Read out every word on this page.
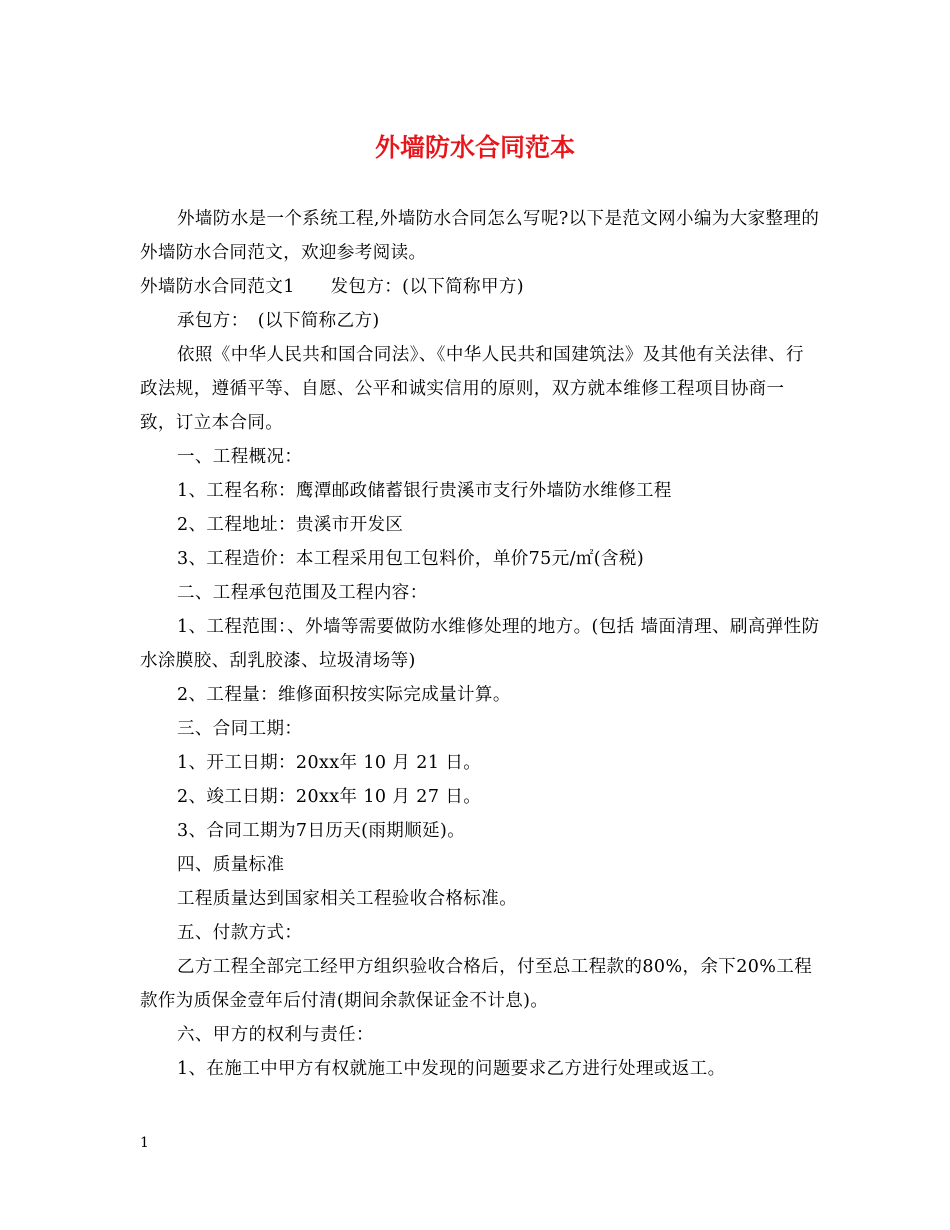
外墙防水合同范本

外墙防水是一个系统工程,外墙防水合同怎么写呢?以下是范文网小编为大家整理的外墙防水合同范文，欢迎参考阅读。

外墙防水合同范文1　　发包方：(以下简称甲方)

承包方：　(以下简称乙方)

依照《中华人民共和国合同法》、《中华人民共和国建筑法》及其他有关法律、行政法规，遵循平等、自愿、公平和诚实信用的原则，双方就本维修工程项目协商一致，订立本合同。

一、工程概况：

1、工程名称：鹰潭邮政储蓄银行贵溪市支行外墙防水维修工程

2、工程地址：贵溪市开发区

3、工程造价：本工程采用包工包料价，单价75元/㎡(含税)

二、工程承包范围及工程内容：

1、工程范围：、外墙等需要做防水维修处理的地方。(包括 墙面清理、刷高弹性防水涂膜胶、刮乳胶漆、垃圾清场等)

2、工程量：维修面积按实际完成量计算。

三、合同工期：

1、开工日期：20xx年 10 月 21 日。

2、竣工日期：20xx年 10 月 27 日。

3、合同工期为7日历天(雨期顺延)。

四、质量标准

工程质量达到国家相关工程验收合格标准。

五、付款方式：

乙方工程全部完工经甲方组织验收合格后，付至总工程款的80%，余下20%工程款作为质保金壹年后付清(期间余款保证金不计息)。

六、甲方的权利与责任：

1、在施工中甲方有权就施工中发现的问题要求乙方进行处理或返工。

1
